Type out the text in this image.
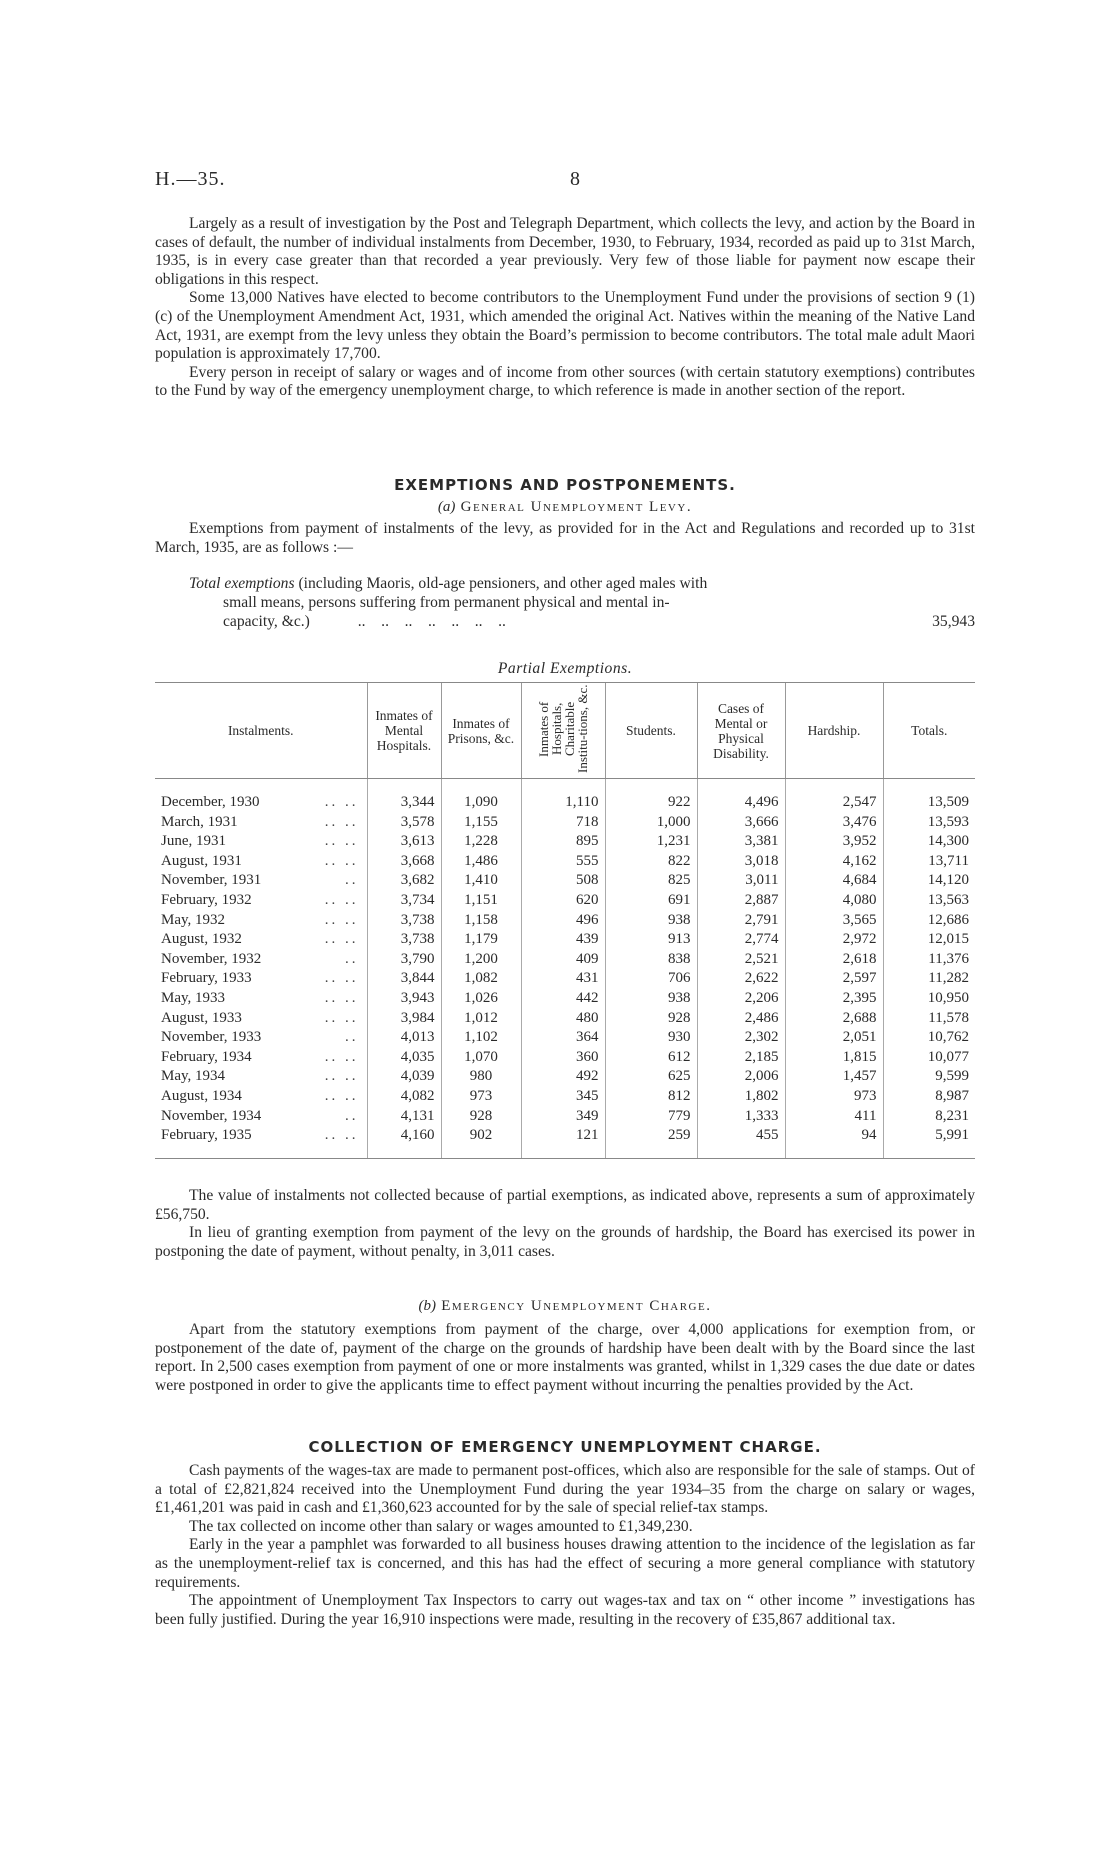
H.—35.	8

Largely as a result of investigation by the Post and Telegraph Department, which collects the levy, and action by the Board in cases of default, the number of individual instalments from December, 1930, to February, 1934, recorded as paid up to 31st March, 1935, is in every case greater than that recorded a year previously. Very few of those liable for payment now escape their obligations in this respect.

Some 13,000 Natives have elected to become contributors to the Unemployment Fund under the provisions of section 9 (1) (c) of the Unemployment Amendment Act, 1931, which amended the original Act. Natives within the meaning of the Native Land Act, 1931, are exempt from the levy unless they obtain the Board’s permission to become contributors. The total male adult Maori population is approximately 17,700.

Every person in receipt of salary or wages and of income from other sources (with certain statutory exemptions) contributes to the Fund by way of the emergency unemployment charge, to which reference is made in another section of the report.

EXEMPTIONS AND POSTPONEMENTS.
(a) General Unemployment Levy.

Exemptions from payment of instalments of the levy, as provided for in the Act and Regulations and recorded up to 31st March, 1935, are as follows :—

Total exemptions (including Maoris, old-age pensioners, and other aged males with
small means, persons suffering from permanent physical and mental in-
capacity, &c.)	..    ..    ..    ..    ..    ..    ..	35,943
Partial Exemptions.
Instalments.	Inmates of Mental Hospitals.	Inmates of Prisons, &c.	Inmates of Hospitals, Charitable Institu-tions, &c.	Students.	Cases of Mental or Physical Disability.	Hardship.	Totals.
December, 1930 .. ..	3,344	1,090	1,110	922	4,496	2,547	13,509
March, 1931 .. ..	3,578	1,155	718	1,000	3,666	3,476	13,593
June, 1931 .. ..	3,613	1,228	895	1,231	3,381	3,952	14,300
August, 1931 .. ..	3,668	1,486	555	822	3,018	4,162	13,711
November, 1931 ..	3,682	1,410	508	825	3,011	4,684	14,120
February, 1932 .. ..	3,734	1,151	620	691	2,887	4,080	13,563
May, 1932 .. ..	3,738	1,158	496	938	2,791	3,565	12,686
August, 1932 .. ..	3,738	1,179	439	913	2,774	2,972	12,015
November, 1932 ..	3,790	1,200	409	838	2,521	2,618	11,376
February, 1933 .. ..	3,844	1,082	431	706	2,622	2,597	11,282
May, 1933 .. ..	3,943	1,026	442	938	2,206	2,395	10,950
August, 1933 .. ..	3,984	1,012	480	928	2,486	2,688	11,578
November, 1933 ..	4,013	1,102	364	930	2,302	2,051	10,762
February, 1934 .. ..	4,035	1,070	360	612	2,185	1,815	10,077
May, 1934 .. ..	4,039	980	492	625	2,006	1,457	9,599
August, 1934 .. ..	4,082	973	345	812	1,802	973	8,987
November, 1934 ..	4,131	928	349	779	1,333	411	8,231
February, 1935 .. ..	4,160	902	121	259	455	94	5,991

The value of instalments not collected because of partial exemptions, as indicated above, represents a sum of approximately £56,750.

In lieu of granting exemption from payment of the levy on the grounds of hardship, the Board has exercised its power in postponing the date of payment, without penalty, in 3,011 cases.

(b) Emergency Unemployment Charge.

Apart from the statutory exemptions from payment of the charge, over 4,000 applications for exemption from, or postponement of the date of, payment of the charge on the grounds of hardship have been dealt with by the Board since the last report. In 2,500 cases exemption from payment of one or more instalments was granted, whilst in 1,329 cases the due date or dates were postponed in order to give the applicants time to effect payment without incurring the penalties provided by the Act.

COLLECTION OF EMERGENCY UNEMPLOYMENT CHARGE.

Cash payments of the wages-tax are made to permanent post-offices, which also are responsible for the sale of stamps. Out of a total of £2,821,824 received into the Unemployment Fund during the year 1934–35 from the charge on salary or wages, £1,461,201 was paid in cash and £1,360,623 accounted for by the sale of special relief-tax stamps.

The tax collected on income other than salary or wages amounted to £1,349,230.

Early in the year a pamphlet was forwarded to all business houses drawing attention to the incidence of the legislation as far as the unemployment-relief tax is concerned, and this has had the effect of securing a more general compliance with statutory requirements.

The appointment of Unemployment Tax Inspectors to carry out wages-tax and tax on “ other income ” investigations has been fully justified. During the year 16,910 inspections were made, resulting in the recovery of £35,867 additional tax.
